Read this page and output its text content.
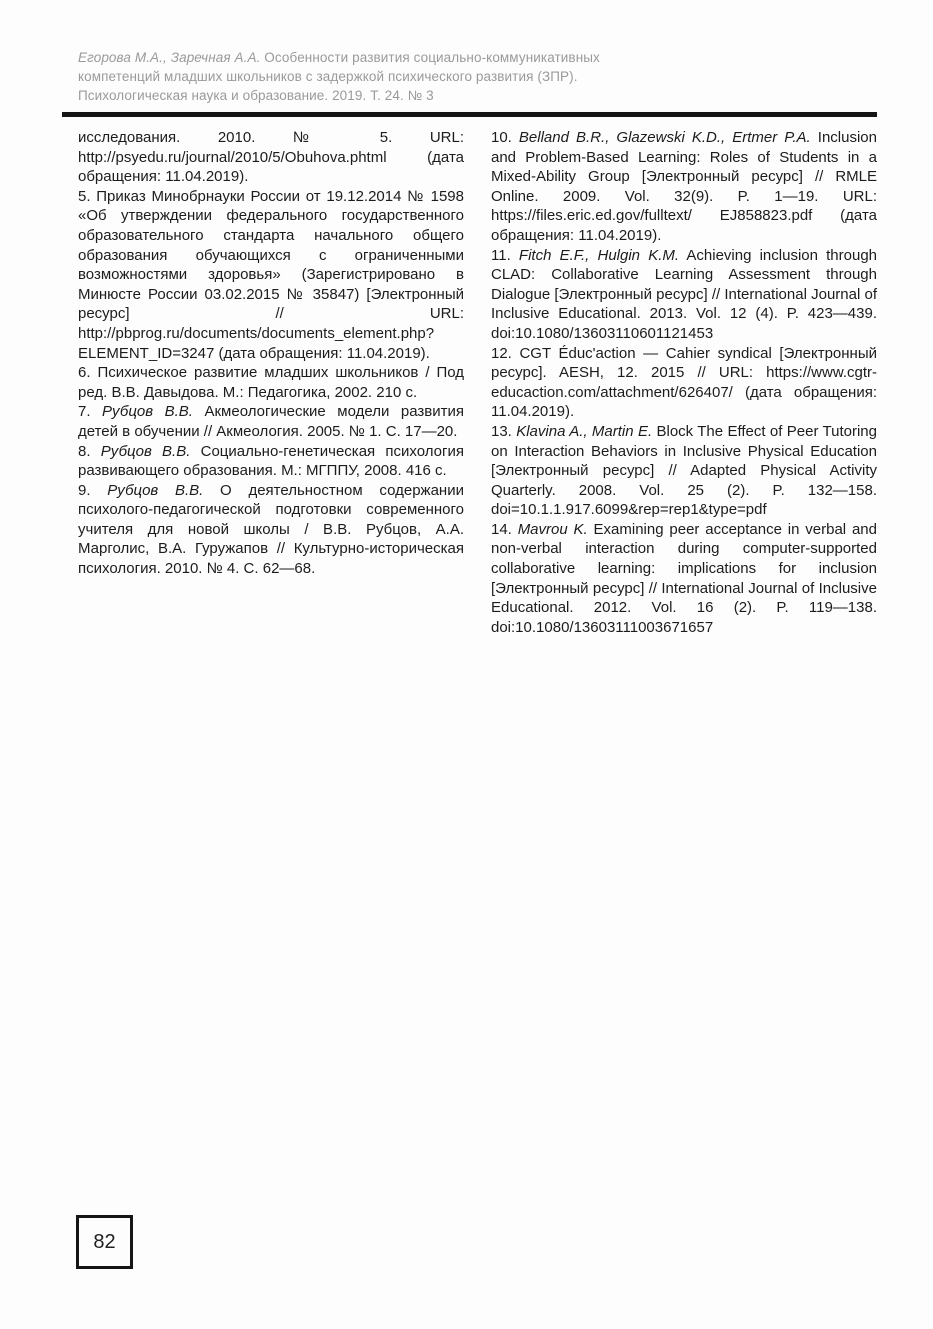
Егорова М.А., Заречная А.А. Особенности развития социально-коммуникативных
компетенций младших школьников с задержкой психического развития (ЗПР).
Психологическая наука и образование. 2019. Т. 24. № 3

исследования. 2010. № 5. URL: http://psyedu.ru/journal/2010/5/Obuhova.phtml (дата обращения: 11.04.2019).

5. Приказ Минобрнауки России от 19.12.2014 № 1598 «Об утверждении федерального государственного образовательного стандарта начального общего образования обучающихся с ограниченными возможностями здоровья» (Зарегистрировано в Минюсте России 03.02.2015 № 35847) [Электронный ресурс] // URL: http://pbprog.ru/documents/documents_element.php?ELEMENT_ID=3247 (дата обращения: 11.04.2019).

6. Психическое развитие младших школьников / Под ред. В.В. Давыдова. М.: Педагогика, 2002. 210 с.

7. Рубцов В.В. Акмеологические модели развития детей в обучении // Акмеология. 2005. № 1. С. 17—20.

8. Рубцов В.В. Социально-генетическая психология развивающего образования. М.: МГППУ, 2008. 416 с.

9. Рубцов В.В. О деятельностном содержании психолого-педагогической подготовки современного учителя для новой школы / В.В. Рубцов, А.А. Марголис, В.А. Гуружапов // Культурно-историческая психология. 2010. № 4. С. 62—68.

10. Belland B.R., Glazewski K.D., Ertmer P.A. Inclusion and Problem-Based Learning: Roles of Students in a Mixed-Ability Group [Электронный ресурс] // RMLE Online. 2009. Vol. 32(9). P. 1—19. URL: https://files.eric.ed.gov/fulltext/ EJ858823.pdf (дата обращения: 11.04.2019).

11. Fitch E.F., Hulgin K.M. Achieving inclusion through CLAD: Collaborative Learning Assessment through Dialogue [Электронный ресурс] // International Journal of Inclusive Educational. 2013. Vol. 12 (4). P. 423—439. doi:10.1080/13603110601121453

12. CGT Éduc'action — Cahier syndical [Электронный ресурс]. AESH, 12. 2015 // URL: https://www.cgtr-educaction.com/attachment/626407/ (дата обращения: 11.04.2019).

13. Klavina A., Martin E. Block The Effect of Peer Tutoring on Interaction Behaviors in Inclusive Physical Education [Электронный ресурс] // Adapted Physical Activity Quarterly. 2008. Vol. 25 (2). P. 132—158. doi=10.1.1.917.6099&rep=rep1&type=pdf

14. Mavrou K. Examining peer acceptance in verbal and non-verbal interaction during computer-supported collaborative learning: implications for inclusion [Электронный ресурс] // International Journal of Inclusive Educational. 2012. Vol. 16 (2). P. 119—138. doi:10.1080/13603111003671657

82
